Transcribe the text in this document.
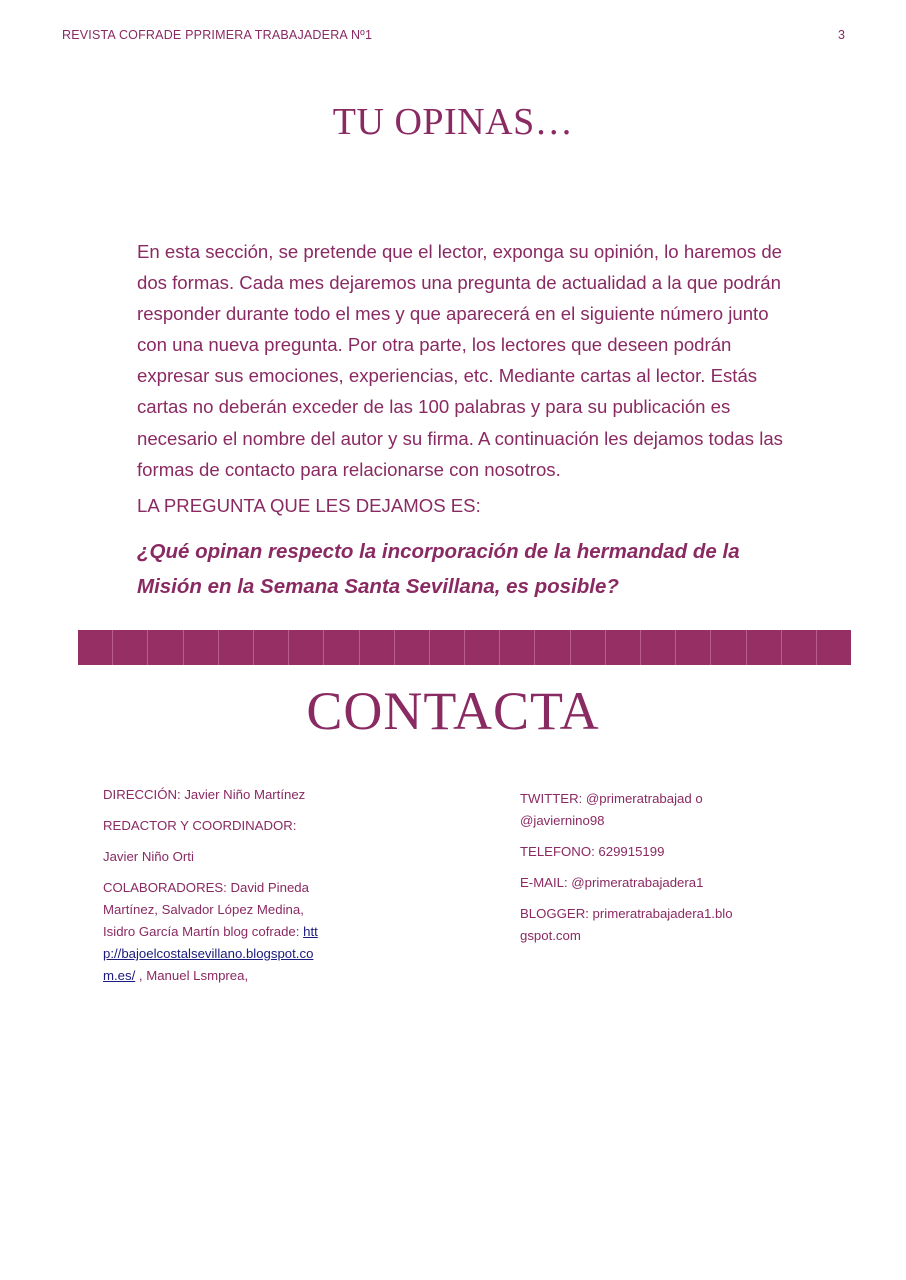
REVISTA COFRADE PPRIMERA TRABAJADERA Nº1	3
TU OPINAS…

En esta sección, se pretende que el lector, exponga su opinión, lo haremos de dos formas. Cada mes dejaremos una pregunta de actualidad a la que podrán responder durante todo el mes y que aparecerá en el siguiente número junto con una nueva pregunta. Por otra parte, los lectores que deseen podrán expresar sus emociones, experiencias, etc. Mediante cartas al lector. Estás cartas no deberán exceder de las 100 palabras y para su publicación es necesario el nombre del autor y su firma. A continuación les dejamos todas las formas de contacto para relacionarse con nosotros.

LA PREGUNTA QUE LES DEJAMOS ES:

¿Qué opinan respecto la incorporación de la hermandad de la Misión en la Semana Santa Sevillana, es posible?

CONTACTA

DIRECCIÓN: Javier Niño Martínez

REDACTOR Y COORDINADOR:

Javier Niño Orti

COLABORADORES: David Pineda Martínez, Salvador López Medina, Isidro García Martín blog cofrade: http://bajoelcostalsevillano.blogspot.com.es/ , Manuel Lsmprea,

TWITTER: @primeratrabajad o @javiernino98

TELEFONO: 629915199

E-MAIL: @primeratrabajadera1

BLOGGER: primeratrabajadera1.blogspot.com
